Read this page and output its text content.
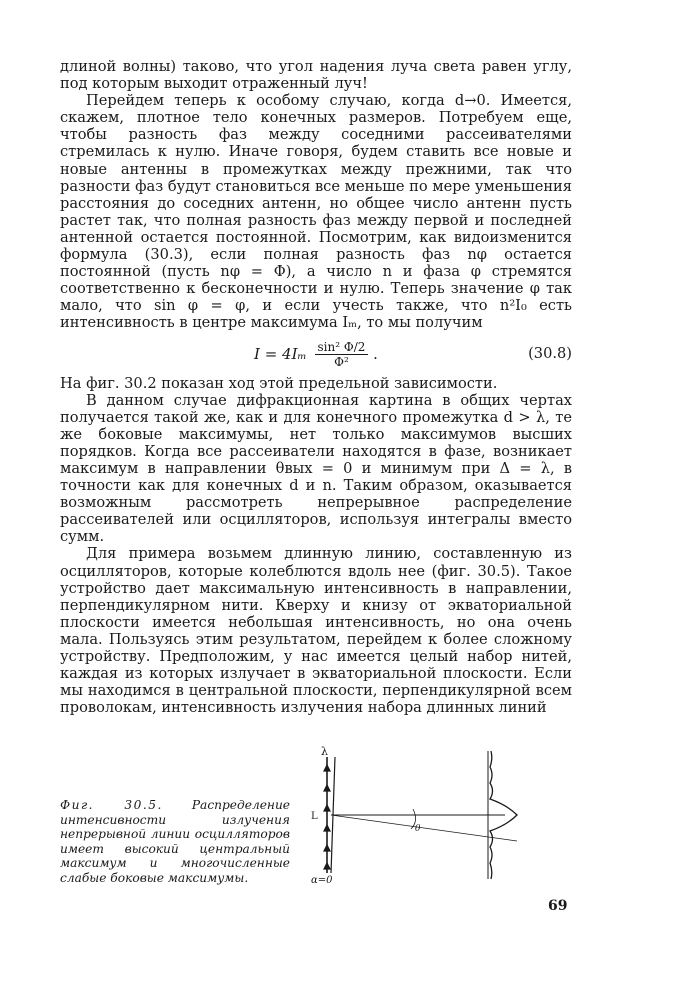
длиной волны) таково, что угол надения луча света равен углу, под которым выходит отраженный луч!

Перейдем теперь к особому случаю, когда d→0. Имеется, скажем, плотное тело конечных размеров. Потребуем еще, чтобы разность фаз между соседними рассеивателями стремилась к нулю. Иначе говоря, будем ставить все новые и новые антенны в промежутках между прежними, так что разности фаз будут становиться все меньше по мере уменьшения расстояния до соседних антенн, но общее число антенн пусть растет так, что полная разность фаз между первой и последней антенной остается постоянной. Посмотрим, как видоизменится формула (30.3), если полная разность фаз nφ остается постоянной (пусть nφ = Φ), а число n и фаза φ стремятся соответственно к бесконечности и нулю. Теперь значение φ так мало, что sin φ = φ, и если учесть также, что n²I₀ есть интенсивность в центре максимума Iₘ, то мы получим

$I = 4I_m \frac{\text{sin² Φ/2}}{\text{Φ²}}$ .	(30.8)

На фиг. 30.2 показан ход этой предельной зависимости.

В данном случае дифракционная картина в общих чертах получается такой же, как и для конечного промежутка d > λ, те же боковые максимумы, нет только максимумов высших порядков. Когда все рассеиватели находятся в фазе, возникает максимум в направлении θвых = 0 и минимум при Δ = λ, в точности как для конечных d и n. Таким образом, оказывается возможным рассмотреть непрерывное распределение рассеивателей или осцилляторов, используя интегралы вместо сумм.

Для примера возьмем длинную линию, составленную из осцилляторов, которые колеблются вдоль нее (фиг. 30.5). Такое устройство дает максимальную интенсивность в направлении, перпендикулярном нити. Кверху и книзу от экваториальной плоскости имеется небольшая интенсивность, но она очень мала. Пользуясь этим результатом, перейдем к более сложному устройству. Предположим, у нас имеется целый набор нитей, каждая из которых излучает в экваториальной плоскости. Если мы находимся в центральной плоскости, перпендикулярной всем проволокам, интенсивность излучения набора длинных линий

Фиг. 30.5. Распределение интенсивности излучения непрерывной линии осцилляторов имеет высокий центральный максимум и многочисленные слабые боковые максимумы.
λ
L
α=0
θ
69
